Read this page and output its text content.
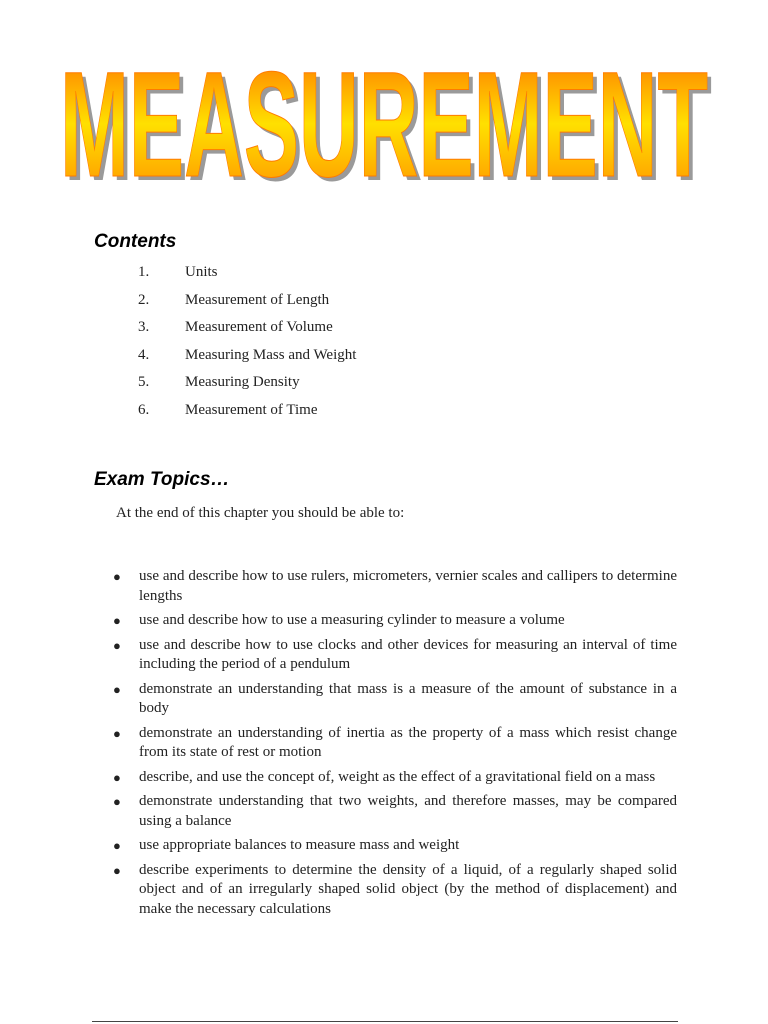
MEASUREMENT
MEASUREMENT
Contents
1.	Units
2.	Measurement of Length
3.	Measurement of Volume
4.	Measuring Mass and Weight
5.	Measuring Density
6.	Measurement of Time
Exam Topics…

At the end of this chapter you should be able to:

●	use and describe how to use rulers, micrometers, vernier scales and callipers to determine lengths
●	use and describe how to use a measuring cylinder to measure a volume
●	use and describe how to use clocks and other devices for measuring an interval of time including the period of a pendulum
●	demonstrate an understanding that mass is a measure of the amount of substance in a body
●	demonstrate an understanding of inertia as the property of a mass which resist change from its state of rest or motion
●	describe, and use the concept of, weight as the effect of a gravitational field on a mass
●	demonstrate understanding that two weights, and therefore masses, may be compared using a balance
●	use appropriate balances to measure mass and weight
●	describe experiments to determine the density of a liquid, of a regularly shaped solid object and of an irregularly shaped solid object (by the method of displacement) and make the necessary calculations
